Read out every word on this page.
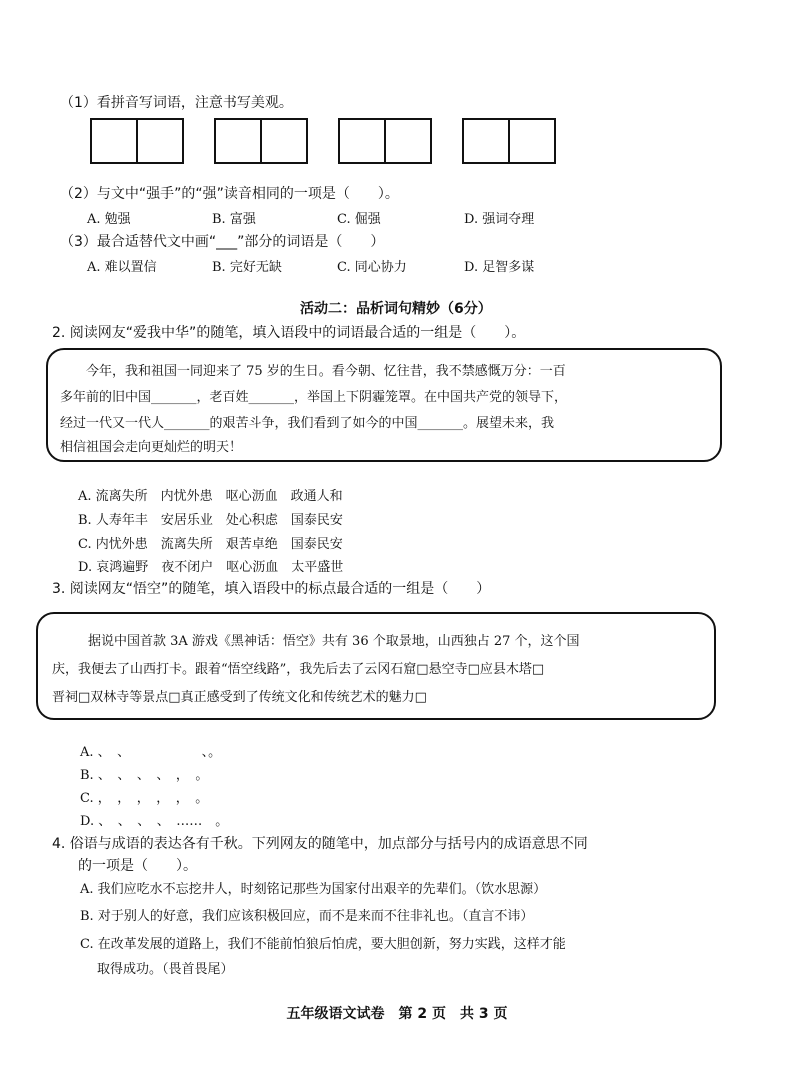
（1）看拼音写词语，注意书写美观。
（2）与文中“强手”的“强”读音相同的一项是（　　）。
A. 勉强	B. 富强	C. 倔强	D. 强词夺理
（3）最合适替代文中画“___”部分的词语是（　　）
A. 难以置信	B. 完好无缺	C. 同心协力	D. 足智多谋
活动二：品析词句精妙（6分）
2. 阅读网友“爱我中华”的随笔，填入语段中的词语最合适的一组是（　　）。
今年，我和祖国一同迎来了 75 岁的生日。看今朝、忆往昔，我不禁感慨万分：一百
多年前的旧中国_______，老百姓_______，举国上下阴霾笼罩。在中国共产党的领导下，
经过一代又一代人_______的艰苦斗争，我们看到了如今的中国_______。展望未来，我
相信祖国会走向更灿烂的明天！
A. 流离失所　内忧外患　呕心沥血　政通人和
B. 人寿年丰　安居乐业　处心积虑　国泰民安
C. 内忧外患　流离失所　艰苦卓绝　国泰民安
D. 哀鸿遍野　夜不闭户　呕心沥血　太平盛世
3. 阅读网友“悟空”的随笔，填入语段中的标点最合适的一组是（　　）
据说中国首款 3A 游戏《黑神话：悟空》共有 36 个取景地，山西独占 27 个，这个国
庆，我便去了山西打卡。跟着“悟空线路”，我先后去了云冈石窟□悬空寺□应县木塔□
晋祠□双林寺等景点□真正感受到了传统文化和传统艺术的魅力□
A. 、　、　　　　　　、。
B. 、　、　、　、　，　。
C. ，　，　，　，　，　。
D. 、　、　、　、　……　。
4. 俗语与成语的表达各有千秋。下列网友的随笔中，加点部分与括号内的成语意思不同
的一项是（　　）。
A. 我们应吃水不忘挖井人，时刻铭记那些为国家付出艰辛的先辈们。（饮水思源）
B. 对于别人的好意，我们应该积极回应，而不是来而不往非礼也。（直言不讳）
C. 在改革发展的道路上，我们不能前怕狼后怕虎，要大胆创新，努力实践，这样才能
取得成功。（畏首畏尾）
五年级语文试卷　第 2 页　共 3 页
